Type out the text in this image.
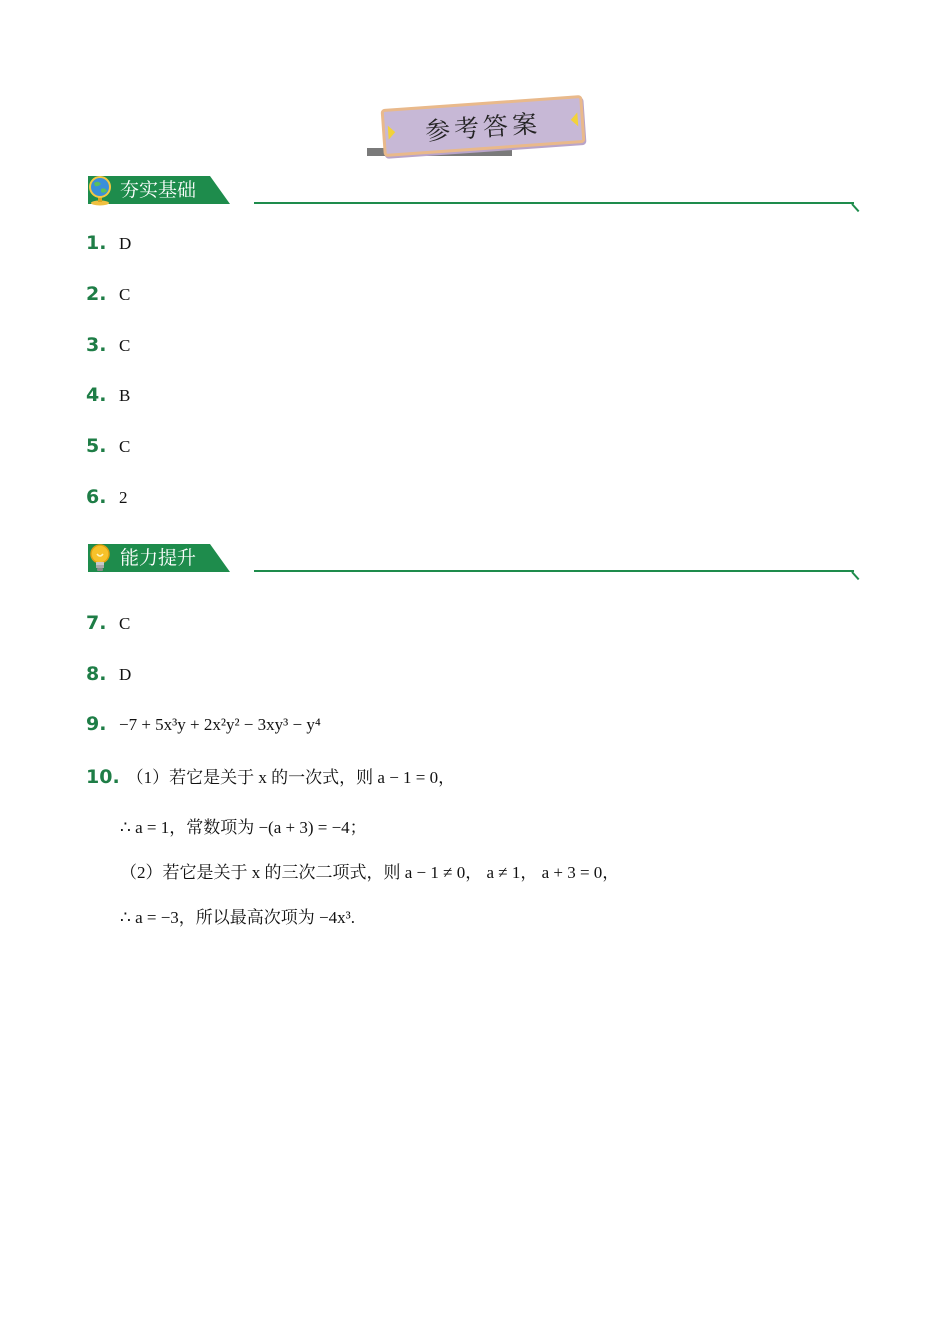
参考答案
夯实基础
1. D
2. C
3. C
4. B
5. C
6. 2
能力提升
7. C
8. D
9. −7 + 5x³y + 2x²y² − 3xy³ − y⁴
10. （1）若它是关于 x 的一次式，则 a − 1 = 0，
∴ a = 1，常数项为 −(a + 3) = −4；
（2）若它是关于 x 的三次二项式，则 a − 1 ≠ 0， a ≠ 1， a + 3 = 0，
∴ a = −3，所以最高次项为 −4x³.
